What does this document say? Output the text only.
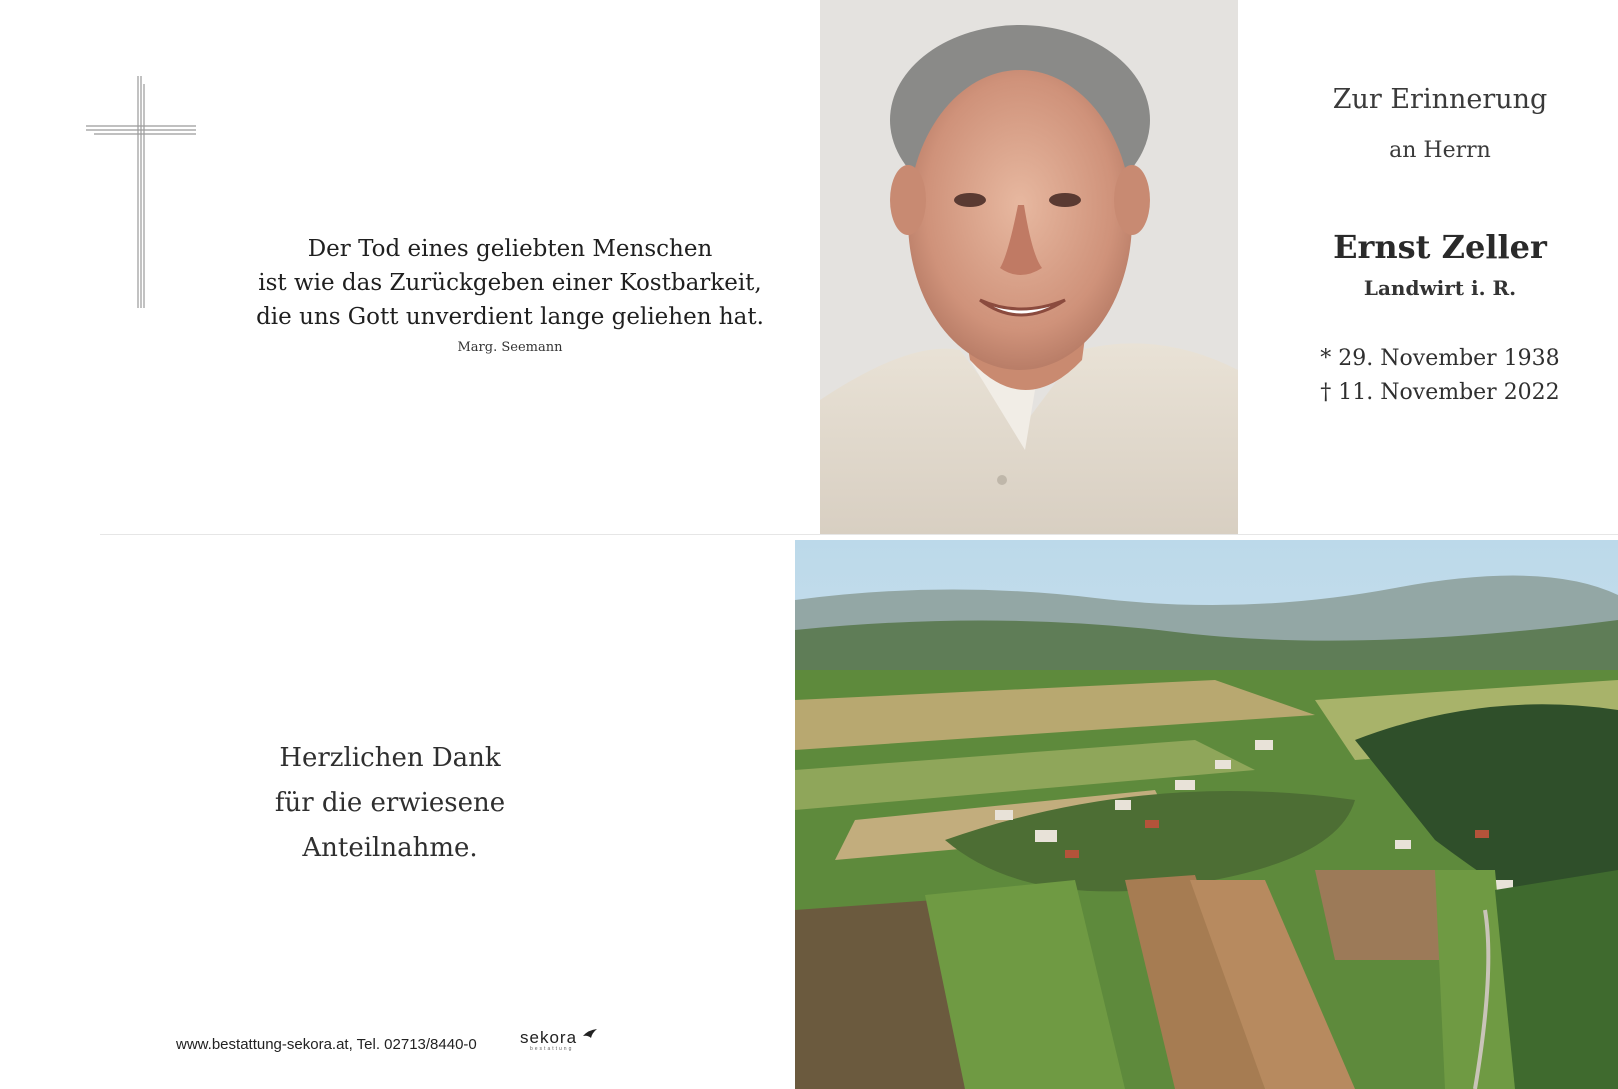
Der Tod eines geliebten Menschen
ist wie das Zurückgeben einer Kostbarkeit,
die uns Gott unverdient lange geliehen hat.
Marg. Seemann
Zur Erinnerung
an Herrn
Ernst Zeller
Landwirt i. R.
* 29. November 1938
† 11. November 2022
Herzlichen Dank
für die erwiesene
Anteilnahme.
www.bestattung-sekora.at, Tel. 02713/8440-0	sekora
bestattung
